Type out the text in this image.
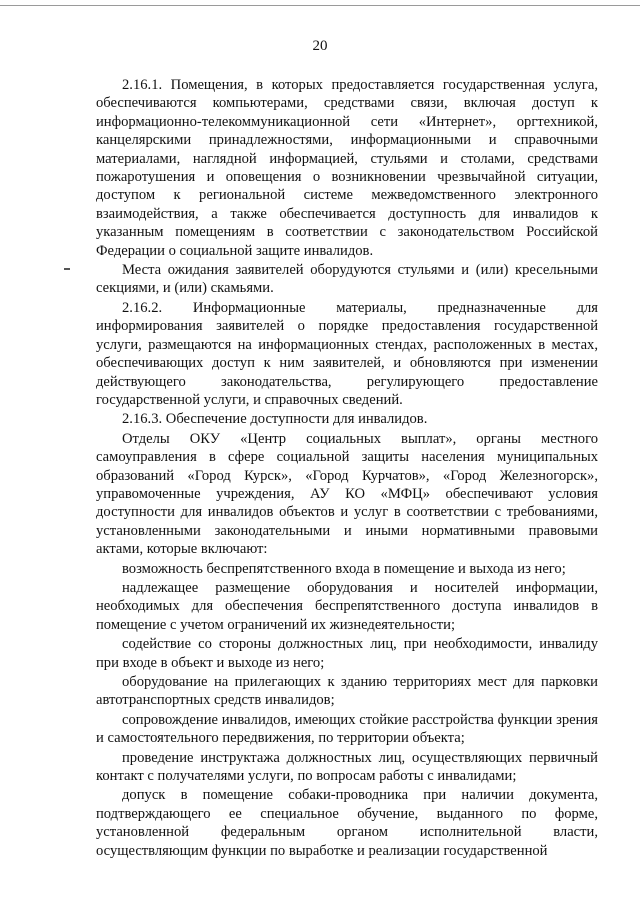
20

2.16.1. Помещения, в которых предоставляется государственная услуга, обеспечиваются компьютерами, средствами связи, включая доступ к информационно-телекоммуникационной сети «Интернет», оргтехникой, канцелярскими принадлежностями, информационными и справочными материалами, наглядной информацией, стульями и столами, средствами пожаротушения и оповещения о возникновении чрезвычайной ситуации, доступом к региональной системе межведомственного электронного взаимодействия, а также обеспечивается доступность для инвалидов к указанным помещениям в соответствии с законодательством Российской Федерации о социальной защите инвалидов.

Места ожидания заявителей оборудуются стульями и (или) кресельными секциями, и (или) скамьями.

2.16.2. Информационные материалы, предназначенные для информирования заявителей о порядке предоставления государственной услуги, размещаются на информационных стендах, расположенных в местах, обеспечивающих доступ к ним заявителей, и обновляются при изменении действующего законодательства, регулирующего предоставление государственной услуги, и справочных сведений.

2.16.3. Обеспечение доступности для инвалидов.

Отделы ОКУ «Центр социальных выплат», органы местного самоуправления в сфере социальной защиты населения муниципальных образований «Город Курск», «Город Курчатов», «Город Железногорск», управомоченные учреждения, АУ КО «МФЦ» обеспечивают условия доступности для инвалидов объектов и услуг в соответствии с требованиями, установленными законодательными и иными нормативными правовыми актами, которые включают:

возможность беспрепятственного входа в помещение и выхода из него;

надлежащее размещение оборудования и носителей информации, необходимых для обеспечения беспрепятственного доступа инвалидов в помещение с учетом ограничений их жизнедеятельности;

содействие со стороны должностных лиц, при необходимости, инвалиду при входе в объект и выходе из него;

оборудование на прилегающих к зданию территориях мест для парковки автотранспортных средств инвалидов;

сопровождение инвалидов, имеющих стойкие расстройства функции зрения и самостоятельного передвижения, по территории объекта;

проведение инструктажа должностных лиц, осуществляющих первичный контакт с получателями услуги, по вопросам работы с инвалидами;

допуск в помещение собаки-проводника при наличии документа, подтверждающего ее специальное обучение, выданного по форме, установленной федеральным органом исполнительной власти, осуществляющим функции по выработке и реализации государственной
